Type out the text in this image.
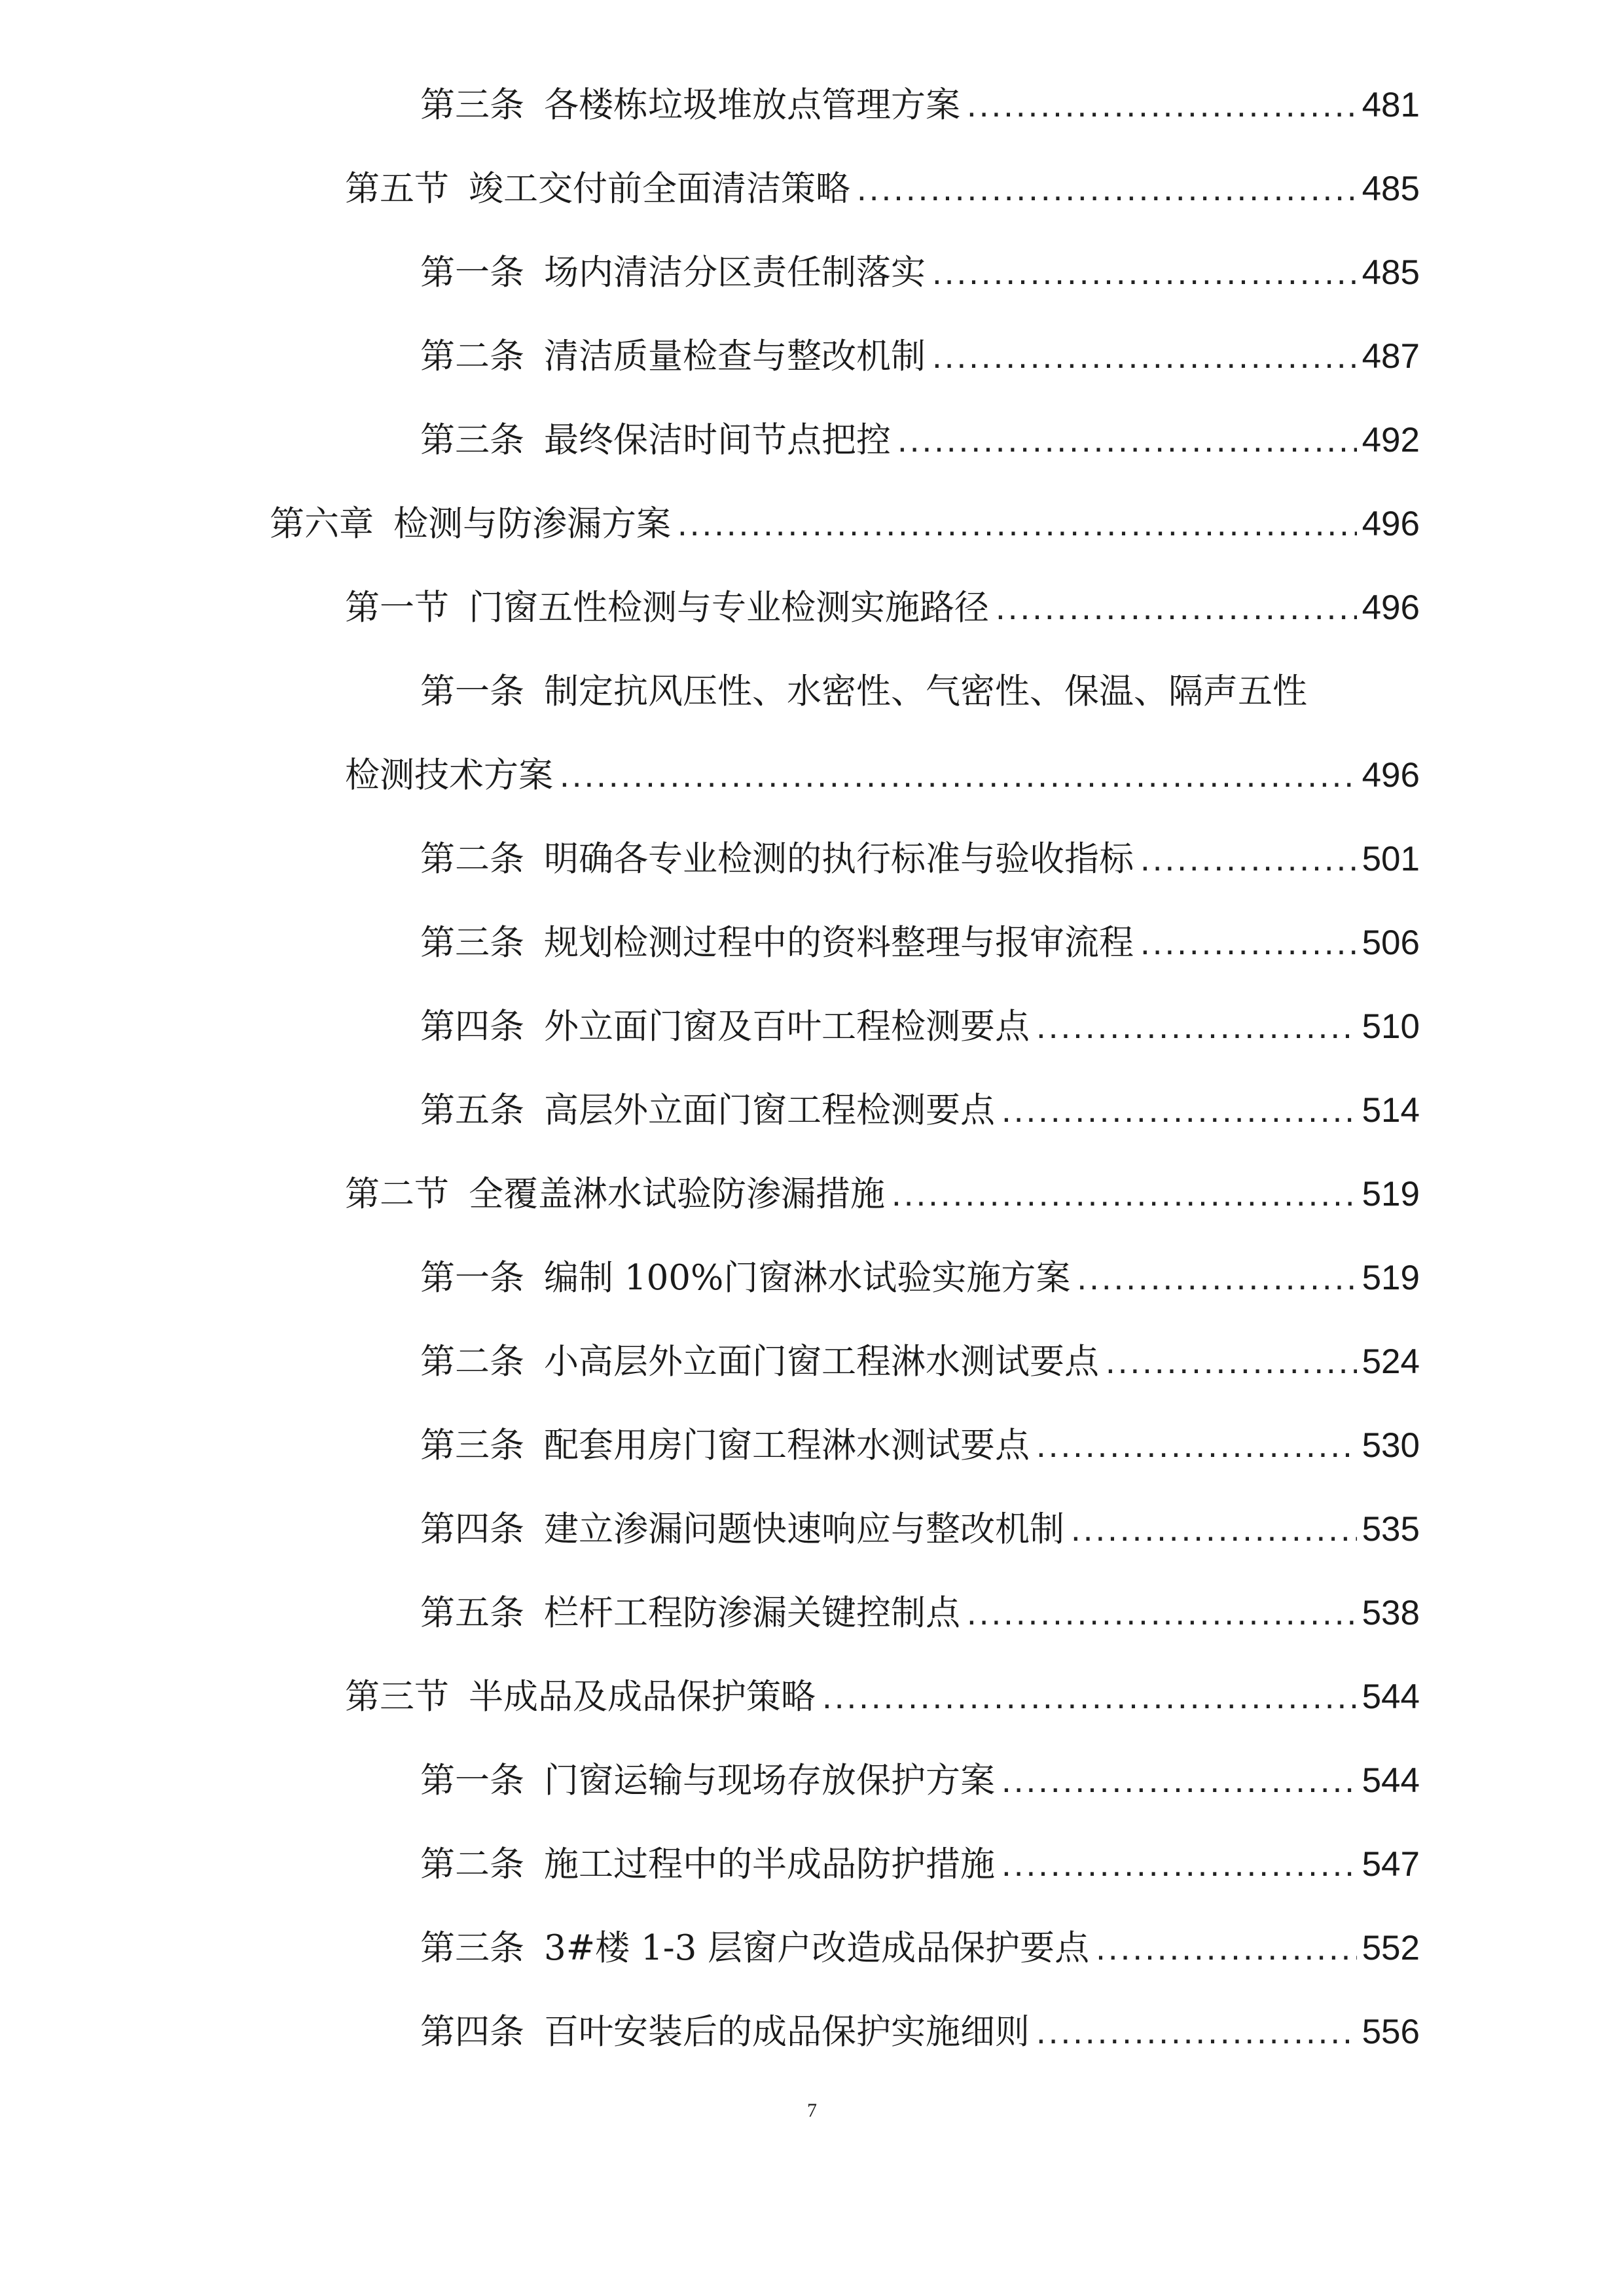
第三条 各楼栋垃圾堆放点管理方案 .....	481
第五节 竣工交付前全面清洁策略 .....	485
第一条 场内清洁分区责任制落实 .....	485
第二条 清洁质量检查与整改机制 .....	487
第三条 最终保洁时间节点把控 .....	492
第六章 检测与防渗漏方案 .....	496
第一节 门窗五性检测与专业检测实施路径 .....	496
第一条 制定抗风压性、水密性、气密性、保温、隔声五性
检测技术方案 .....	496
第二条 明确各专业检测的执行标准与验收指标 .....	501
第三条 规划检测过程中的资料整理与报审流程 .....	506
第四条 外立面门窗及百叶工程检测要点 .....	510
第五条 高层外立面门窗工程检测要点 .....	514
第二节 全覆盖淋水试验防渗漏措施 .....	519
第一条 编制 100%门窗淋水试验实施方案 .....	519
第二条 小高层外立面门窗工程淋水测试要点 .....	524
第三条 配套用房门窗工程淋水测试要点 .....	530
第四条 建立渗漏问题快速响应与整改机制 .....	535
第五条 栏杆工程防渗漏关键控制点 .....	538
第三节 半成品及成品保护策略 .....	544
第一条 门窗运输与现场存放保护方案 .....	544
第二条 施工过程中的半成品防护措施 .....	547
第三条 3#楼 1-3 层窗户改造成品保护要点 .....	552
第四条 百叶安装后的成品保护实施细则 .....	556
7
